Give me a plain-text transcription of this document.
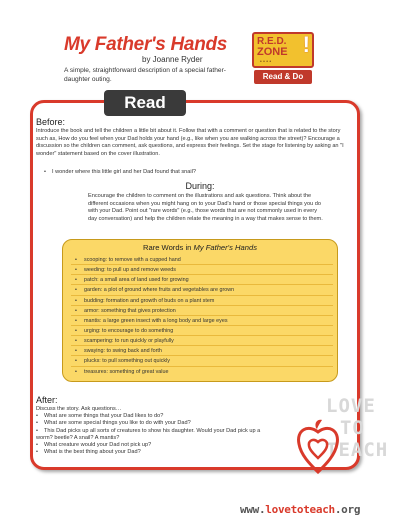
My Father's Hands
by Joanne Ryder
A simple, straightforward description of a special father-daughter outing.
R.E.D.
ZONE !
• • • •
Read & Do
Read
Before:
Introduce the book and tell the children a little bit about it. Follow that with a comment or question that is related to the story such as, How do you feel when your Dad holds your hand (e.g., like when you are walking across the street)? Encourage a discussion so the children can comment, ask questions, and express their feelings. Set the stage for listening by asking an "I wonder" statement based on the cover illustration.
• I wonder where this little girl and her Dad found that snail?
During:
Encourage the children to comment on the illustrations and ask questions. Think about the different occasions when you might hang on to your Dad's hand or those special things you do with your Dad. Point out "rare words" (e.g., those words that are not commonly used in every day conversation) and help the children relate the meaning in a way that makes sense to them.
Rare Words in My Father's Hands
• scooping: to remove with a cupped hand
• weeding: to pull up and remove weeds
• patch: a small area of land used for growing
• garden: a plot of ground where fruits and vegetables are grown
• budding: formation and growth of buds on a plant stem
• armor: something that gives protection
• mantis: a large green insect with a long body and large eyes
• urging: to encourage to do something
• scampering: to run quickly or playfully
• swaying: to swing back and forth
• plucks: to pull something out quickly
• treasures: something of great value
After:
Discuss the story. Ask questions…
• What are some things that your Dad likes to do?
• What are some special things you like to do with your Dad?
• This Dad picks up all sorts of creatures to show his daughter. Would your Dad pick up a worm? beetle? A snail? A mantis?
• What creature would your Dad not pick up?
• What is the best thing about your Dad?
LOVE
TO
TEACH
www.lovetoteach.org
